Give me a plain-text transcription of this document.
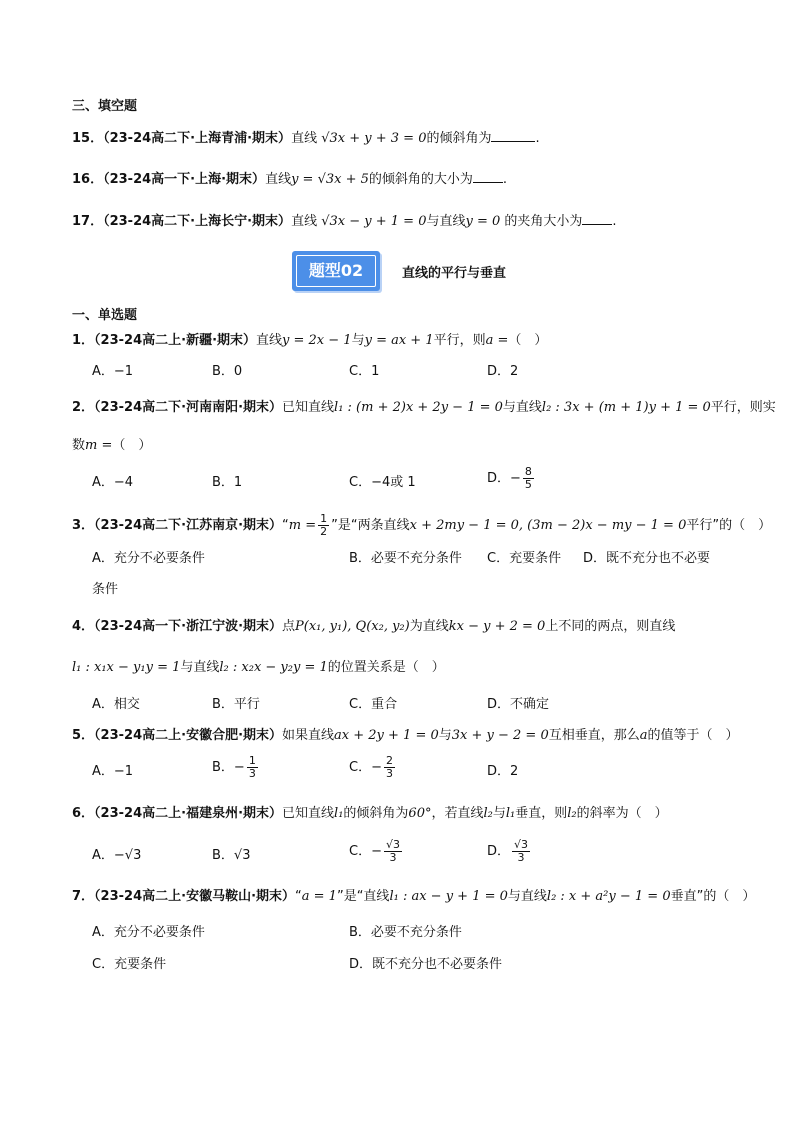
三、填空题
15．（23-24高二下·上海青浦·期末）直线 √3x + y + 3 = 0的倾斜角为	.
16．（23-24高一下·上海·期末）直线y = √3x + 5的倾斜角的大小为 .
17．（23-24高二下·上海长宁·期末）直线 √3x − y + 1 = 0与直线y = 0 的夹角大小为 .
题型02	直线的平行与垂直
一、单选题
1．（23-24高二上·新疆·期末）直线y = 2x − 1与y = ax + 1平行，则a =（　）
A．−1	B．0	C．1	D．2
2．（23-24高二下·河南南阳·期末）已知直线l₁ : (m + 2)x + 2y − 1 = 0与直线l₂ : 3x + (m + 1)y + 1 = 0平行，则实
数m =（　）
A．−4	B．1	C．−4或 1	D．− $\frac{8}{5}$
3．（23-24高二下·江苏南京·期末）“m = $\frac{1}{2}$ ”是“两条直线x + 2my − 1 = 0, (3m − 2)x − my − 1 = 0平行”的（　）
A．充分不必要条件	B．必要不充分条件 C．充要条件 D．既不充分也不必要
条件
4．（23-24高一下·浙江宁波·期末）点P(x₁, y₁), Q(x₂, y₂)为直线kx − y + 2 = 0上不同的两点，则直线
l₁ : x₁x − y₁y = 1与直线l₂ : x₂x − y₂y = 1的位置关系是（　）
A．相交	B．平行	C．重合	D．不确定
5．（23-24高二上·安徽合肥·期末）如果直线ax + 2y + 1 = 0与3x + y − 2 = 0互相垂直，那么a的值等于（　）
A．−1	B．− $\frac{1}{3}$	C．− $\frac{2}{3}$	D．2
6．（23-24高二上·福建泉州·期末）已知直线l₁的倾斜角为60°，若直线l₂与l₁垂直，则l₂的斜率为（　）
A．−√3	B．√3	C．− $\frac{√3}{3}$	D． $\frac{√3}{3}$
7．（23-24高二上·安徽马鞍山·期末）“a = 1”是“直线l₁ : ax − y + 1 = 0与直线l₂ : x + a²y − 1 = 0垂直”的（　）
A．充分不必要条件	B．必要不充分条件
C．充要条件	D．既不充分也不必要条件
